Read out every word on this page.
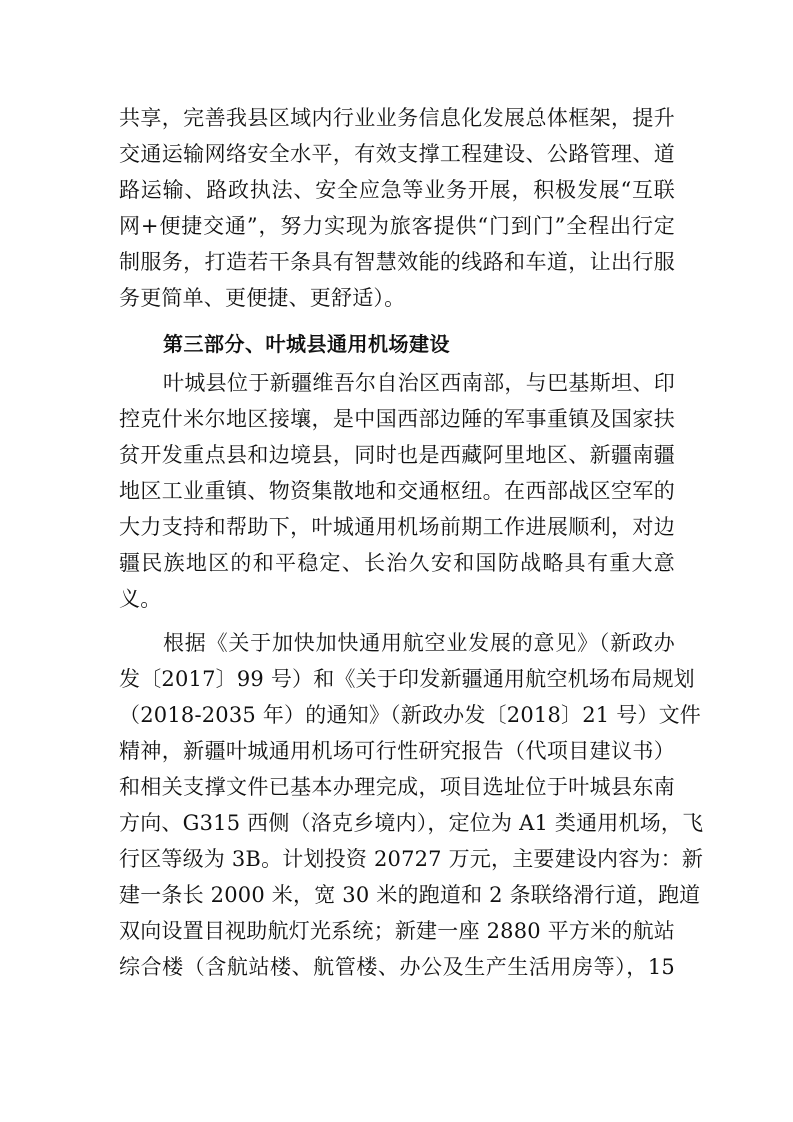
共享，完善我县区域内行业业务信息化发展总体框架，提升
交通运输网络安全水平，有效支撑工程建设、公路管理、道
路运输、路政执法、安全应急等业务开展，积极发展“互联
网+便捷交通”，努力实现为旅客提供“门到门”全程出行定
制服务，打造若干条具有智慧效能的线路和车道，让出行服
务更简单、更便捷、更舒适）。
第三部分、叶城县通用机场建设
叶城县位于新疆维吾尔自治区西南部，与巴基斯坦、印
控克什米尔地区接壤，是中国西部边陲的军事重镇及国家扶
贫开发重点县和边境县，同时也是西藏阿里地区、新疆南疆
地区工业重镇、物资集散地和交通枢纽。在西部战区空军的
大力支持和帮助下，叶城通用机场前期工作进展顺利，对边
疆民族地区的和平稳定、长治久安和国防战略具有重大意
义。
根据《关于加快加快通用航空业发展的意见》（新政办
发〔2017〕99 号）和《关于印发新疆通用航空机场布局规划
（2018-2035 年）的通知》（新政办发〔2018〕21 号）文件
精神，新疆叶城通用机场可行性研究报告（代项目建议书）
和相关支撑文件已基本办理完成，项目选址位于叶城县东南
方向、G315 西侧（洛克乡境内），定位为 A1 类通用机场，飞
行区等级为 3B。计划投资 20727 万元，主要建设内容为：新
建一条长 2000 米，宽 30 米的跑道和 2 条联络滑行道，跑道
双向设置目视助航灯光系统；新建一座 2880 平方米的航站
综合楼（含航站楼、航管楼、办公及生产生活用房等），15
